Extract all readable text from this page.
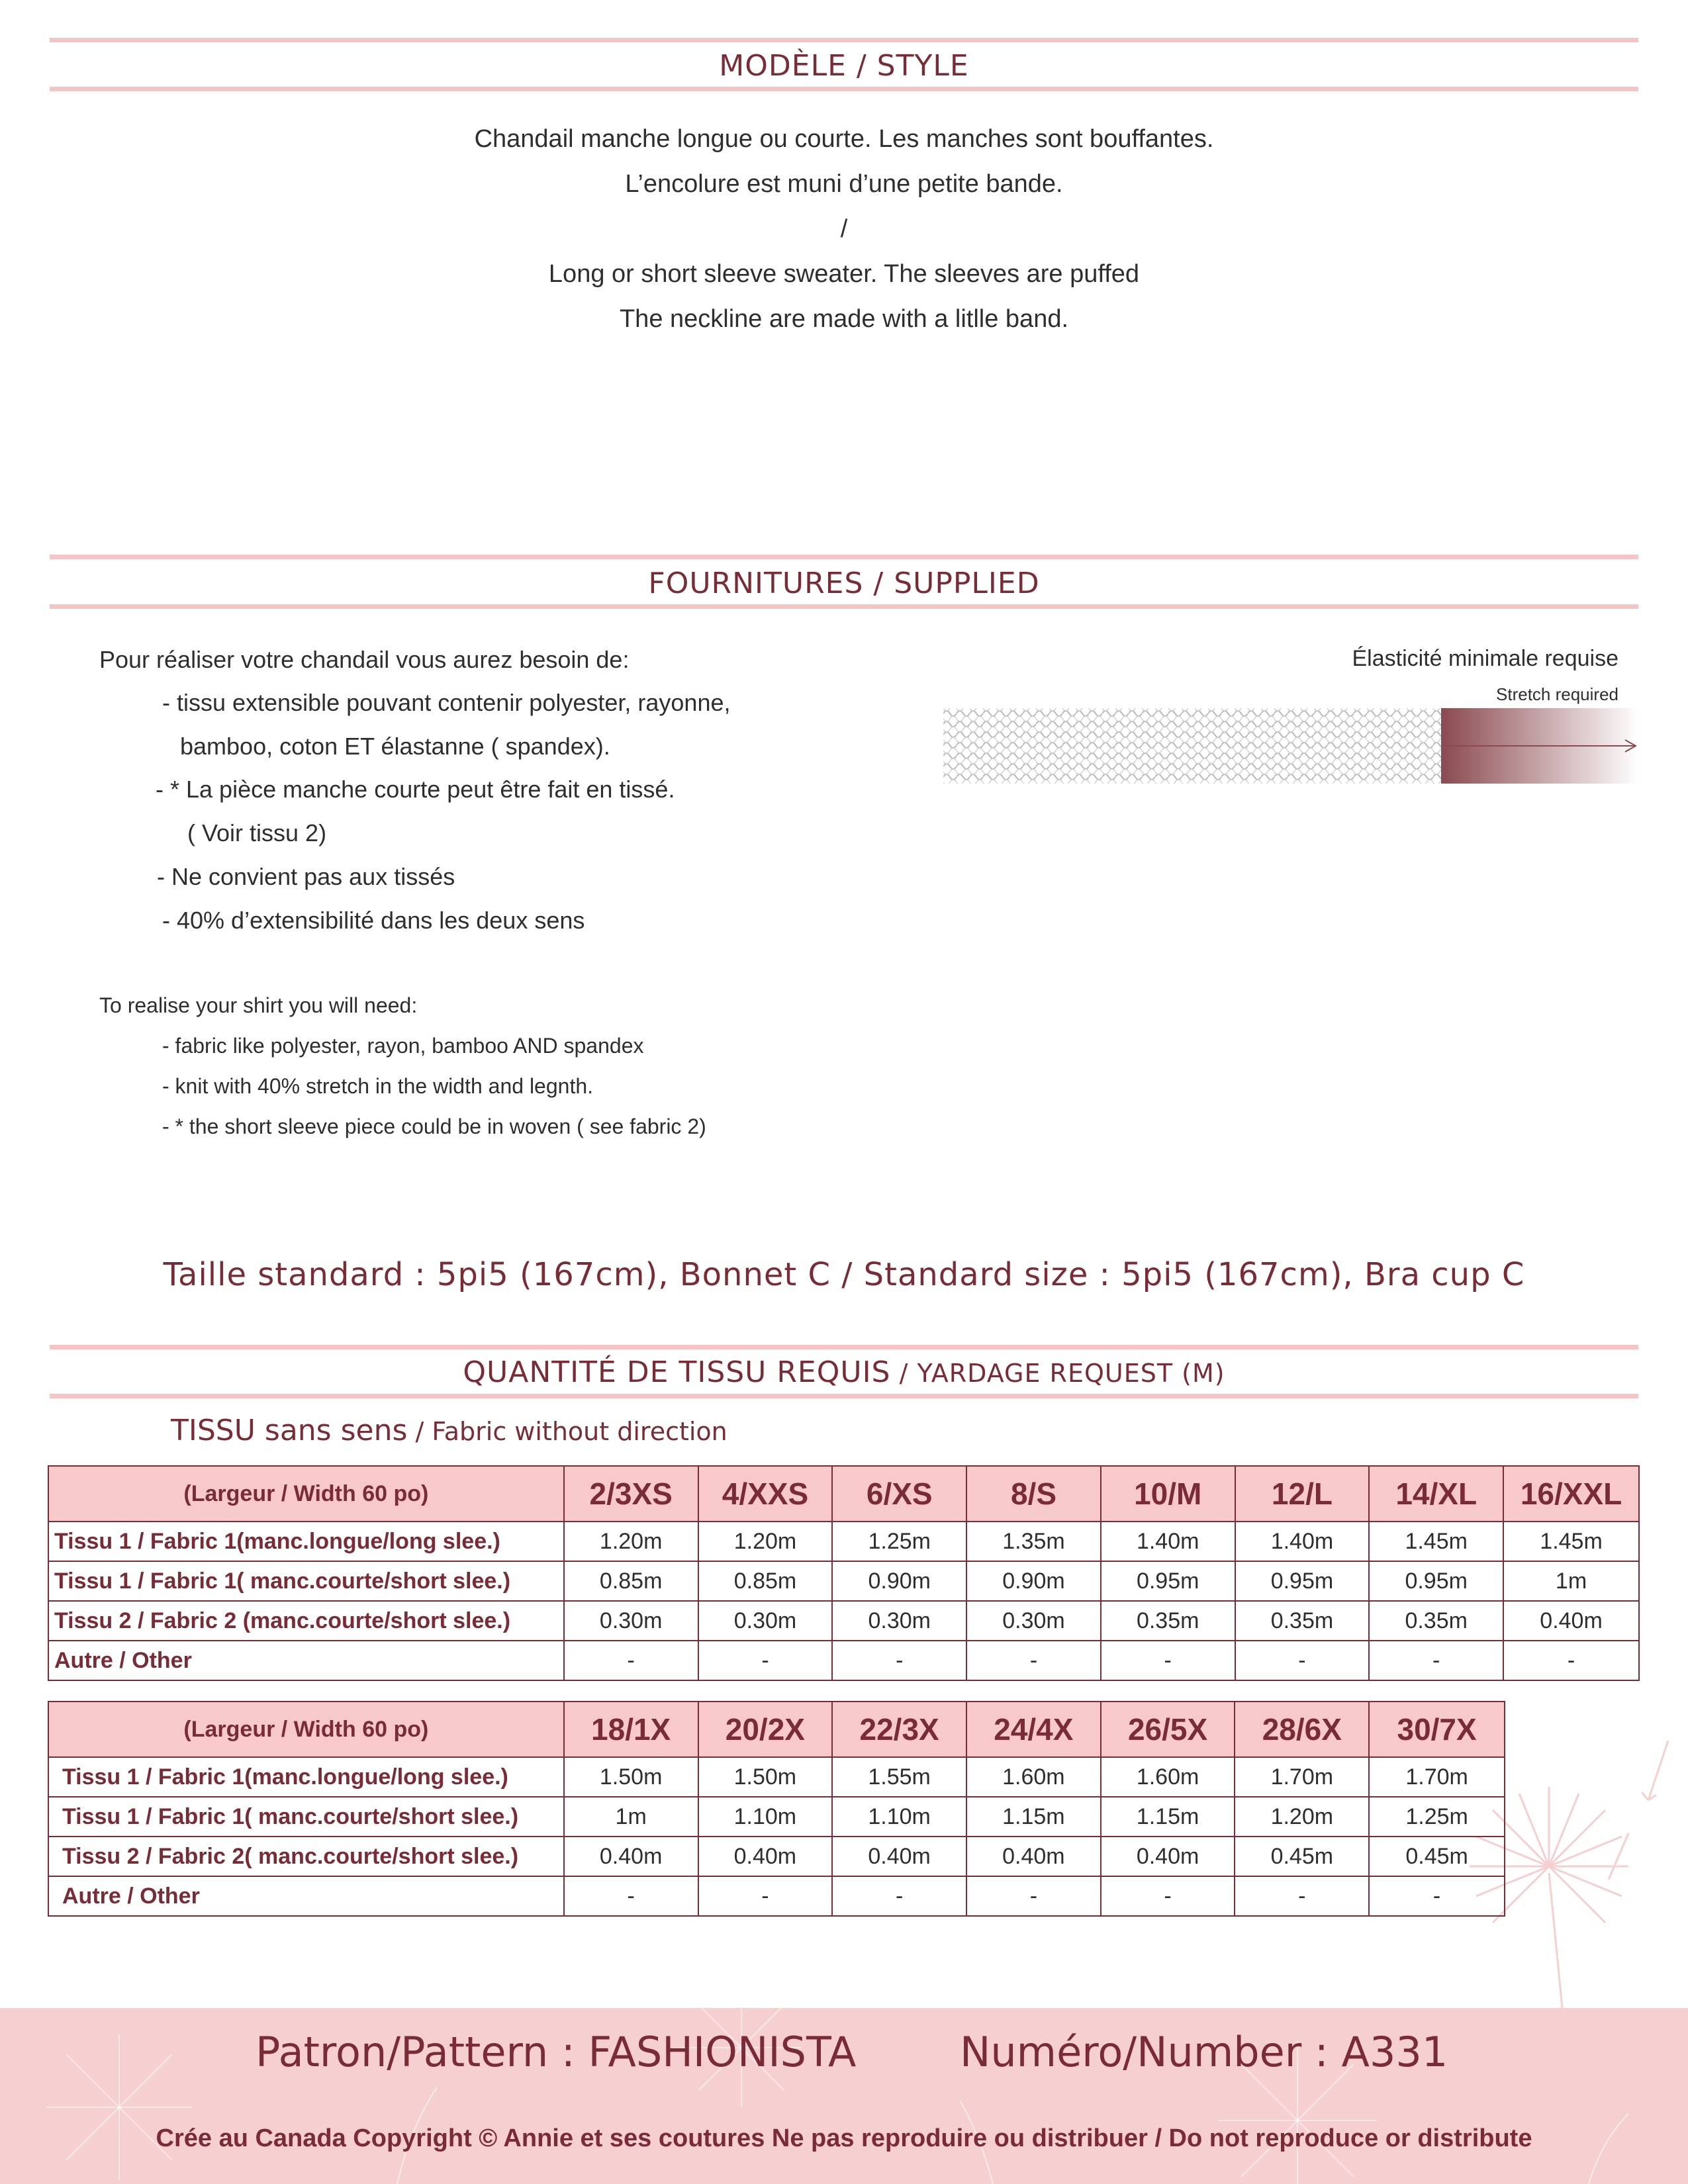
MODÈLE / STYLE
Chandail manche longue ou courte. Les manches sont bouffantes.
L’encolure est muni d’une petite bande.
/
Long or short sleeve sweater. The sleeves are puffed
The neckline are made with a litlle band.
FOURNITURES / SUPPLIED
Pour réaliser votre chandail vous aurez besoin de:
- tissu extensible pouvant contenir polyester, rayonne,
bamboo, coton ET élastanne ( spandex).
- * La pièce manche courte peut être fait en tissé.
( Voir tissu 2)
- Ne convient pas aux tissés
- 40% d’extensibilité dans les deux sens
To realise your shirt you will need:
- fabric like polyester, rayon, bamboo AND spandex
- knit with 40% stretch in the width and legnth.
- * the short sleeve piece could be in woven ( see fabric 2)
Élasticité minimale requise
Stretch required
Taille standard : 5pi5 (167cm), Bonnet C / Standard size : 5pi5 (167cm), Bra cup C
QUANTITÉ DE TISSU REQUIS / YARDAGE REQUEST (M)
TISSU sans sens / Fabric without direction
(Largeur / Width 60 po)	2/3XS	4/XXS	6/XS	8/S	10/M	12/L	14/XL	16/XXL
Tissu 1 / Fabric 1(manc.longue/long slee.)	1.20m	1.20m	1.25m	1.35m	1.40m	1.40m	1.45m	1.45m
Tissu 1 / Fabric 1( manc.courte/short slee.)	0.85m	0.85m	0.90m	0.90m	0.95m	0.95m	0.95m	1m
Tissu 2 / Fabric 2 (manc.courte/short slee.)	0.30m	0.30m	0.30m	0.30m	0.35m	0.35m	0.35m	0.40m
Autre / Other	-	-	-	-	-	-	-	-
(Largeur / Width 60 po)	18/1X	20/2X	22/3X	24/4X	26/5X	28/6X	30/7X
Tissu 1 / Fabric 1(manc.longue/long slee.)	1.50m	1.50m	1.55m	1.60m	1.60m	1.70m	1.70m
Tissu 1 / Fabric 1( manc.courte/short slee.)	1m	1.10m	1.10m	1.15m	1.15m	1.20m	1.25m
Tissu 2 / Fabric 2( manc.courte/short slee.)	0.40m	0.40m	0.40m	0.40m	0.40m	0.45m	0.45m
Autre / Other	-	-	-	-	-	-	-
Patron/Pattern : FASHIONISTA	Numéro/Number : A331
Crée au Canada Copyright © Annie et ses coutures Ne pas reproduire ou distribuer / Do not reproduce or distribute
